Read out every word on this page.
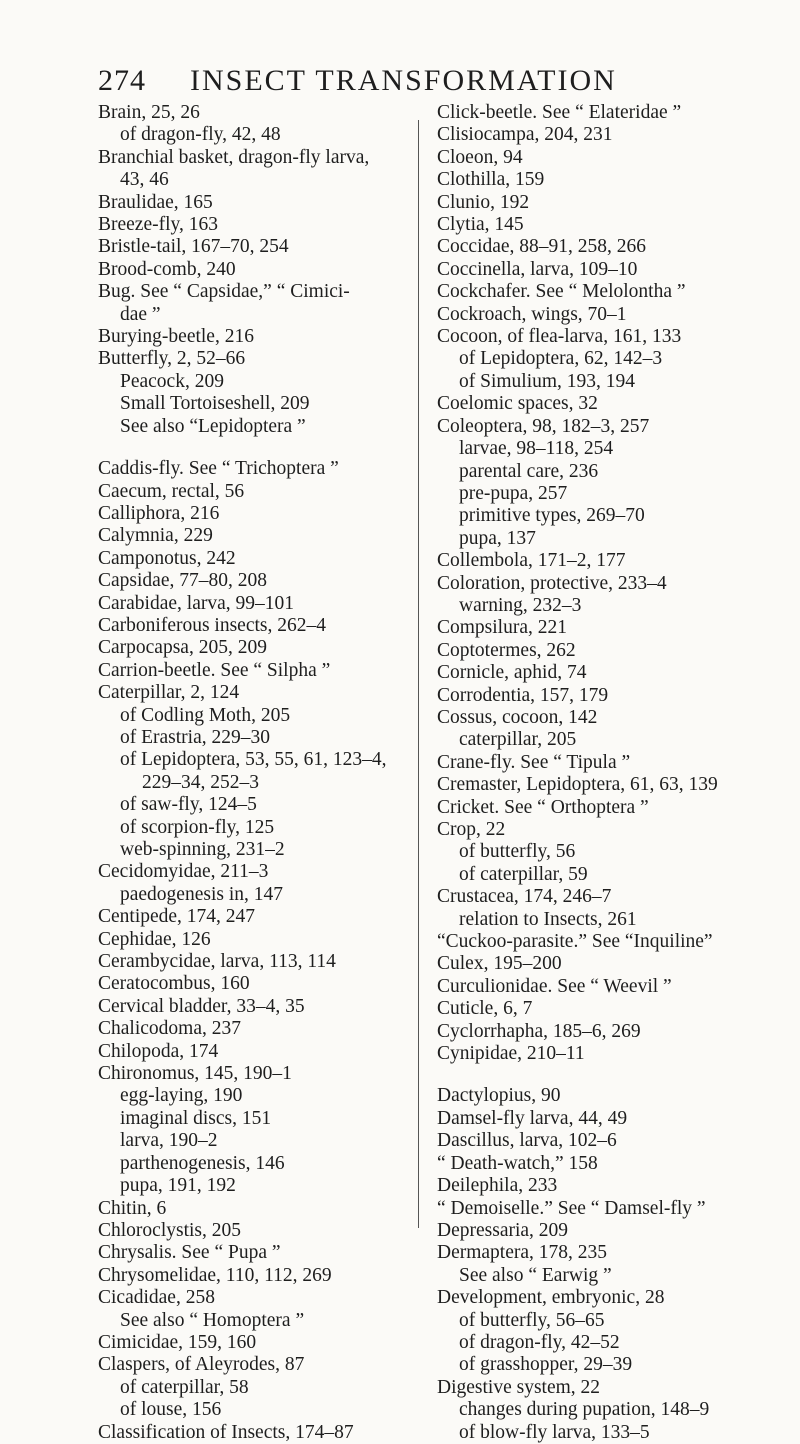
274 INSECT TRANSFORMATION
Brain, 25, 26
of dragon-fly, 42, 48
Branchial basket, dragon-fly larva,
43, 46
Braulidae, 165
Breeze-fly, 163
Bristle-tail, 167–70, 254
Brood-comb, 240
Bug. See “ Capsidae,” “ Cimici-
dae ”
Burying-beetle, 216
Butterfly, 2, 52–66
Peacock, 209
Small Tortoiseshell, 209
See also “Lepidoptera ”
Caddis-fly. See “ Trichoptera ”
Caecum, rectal, 56
Calliphora, 216
Calymnia, 229
Camponotus, 242
Capsidae, 77–80, 208
Carabidae, larva, 99–101
Carboniferous insects, 262–4
Carpocapsa, 205, 209
Carrion-beetle. See “ Silpha ”
Caterpillar, 2, 124
of Codling Moth, 205
of Erastria, 229–30
of Lepidoptera, 53, 55, 61, 123–4,
229–34, 252–3
of saw-fly, 124–5
of scorpion-fly, 125
web-spinning, 231–2
Cecidomyidae, 211–3
paedogenesis in, 147
Centipede, 174, 247
Cephidae, 126
Cerambycidae, larva, 113, 114
Ceratocombus, 160
Cervical bladder, 33–4, 35
Chalicodoma, 237
Chilopoda, 174
Chironomus, 145, 190–1
egg-laying, 190
imaginal discs, 151
larva, 190–2
parthenogenesis, 146
pupa, 191, 192
Chitin, 6
Chloroclystis, 205
Chrysalis. See “ Pupa ”
Chrysomelidae, 110, 112, 269
Cicadidae, 258
See also “ Homoptera ”
Cimicidae, 159, 160
Claspers, of Aleyrodes, 87
of caterpillar, 58
of louse, 156
Classification of Insects, 174–87
Click-beetle. See “ Elateridae ”
Clisiocampa, 204, 231
Cloeon, 94
Clothilla, 159
Clunio, 192
Clytia, 145
Coccidae, 88–91, 258, 266
Coccinella, larva, 109–10
Cockchafer. See “ Melolontha ”
Cockroach, wings, 70–1
Cocoon, of flea-larva, 161, 133
of Lepidoptera, 62, 142–3
of Simulium, 193, 194
Coelomic spaces, 32
Coleoptera, 98, 182–3, 257
larvae, 98–118, 254
parental care, 236
pre-pupa, 257
primitive types, 269–70
pupa, 137
Collembola, 171–2, 177
Coloration, protective, 233–4
warning, 232–3
Compsilura, 221
Coptotermes, 262
Cornicle, aphid, 74
Corrodentia, 157, 179
Cossus, cocoon, 142
caterpillar, 205
Crane-fly. See “ Tipula ”
Cremaster, Lepidoptera, 61, 63, 139
Cricket. See “ Orthoptera ”
Crop, 22
of butterfly, 56
of caterpillar, 59
Crustacea, 174, 246–7
relation to Insects, 261
“Cuckoo-parasite.” See “Inquiline”
Culex, 195–200
Curculionidae. See “ Weevil ”
Cuticle, 6, 7
Cyclorrhapha, 185–6, 269
Cynipidae, 210–11
Dactylopius, 90
Damsel-fly larva, 44, 49
Dascillus, larva, 102–6
“ Death-watch,” 158
Deilephila, 233
“ Demoiselle.” See “ Damsel-fly ”
Depressaria, 209
Dermaptera, 178, 235
See also “ Earwig ”
Development, embryonic, 28
of butterfly, 56–65
of dragon-fly, 42–52
of grasshopper, 29–39
Digestive system, 22
changes during pupation, 148–9
of blow-fly larva, 133–5
